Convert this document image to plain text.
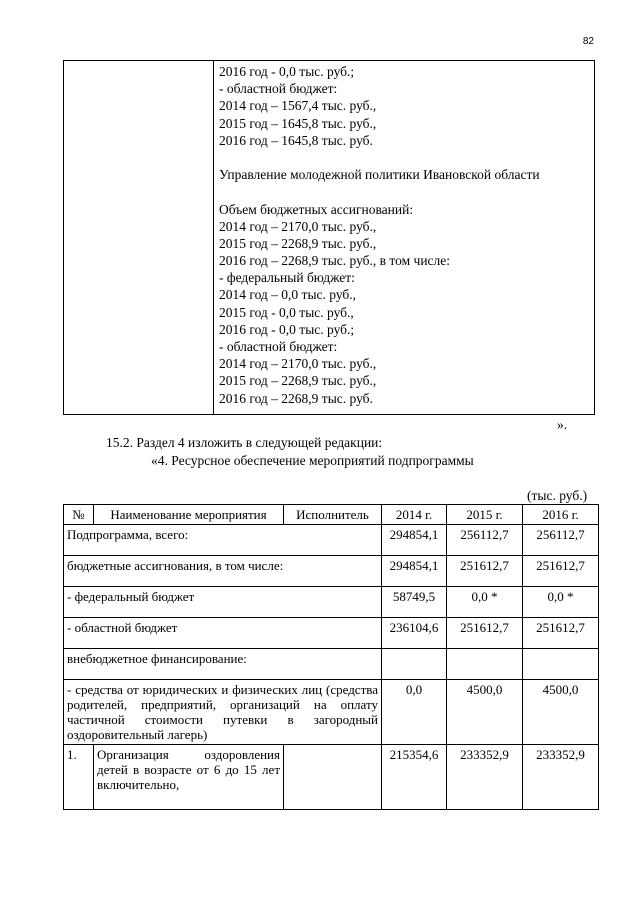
82
2016 год - 0,0 тыс. руб.;
- областной бюджет:
2014 год – 1567,4 тыс. руб.,
2015 год – 1645,8 тыс. руб.,
2016 год – 1645,8 тыс. руб.
Управление молодежной политики Ивановской области
Объем бюджетных ассигнований:
2014 год – 2170,0 тыс. руб.,
2015 год – 2268,9 тыс. руб.,
2016 год – 2268,9 тыс. руб., в том числе:
- федеральный бюджет:
2014 год – 0,0 тыс. руб.,
2015 год - 0,0 тыс. руб.,
2016 год - 0,0 тыс. руб.;
- областной бюджет:
2014 год – 2170,0 тыс. руб.,
2015 год – 2268,9 тыс. руб.,
2016 год – 2268,9 тыс. руб.
».
15.2. Раздел 4 изложить в следующей редакции:
«4. Ресурсное обеспечение мероприятий подпрограммы
(тыс. руб.)
№	Наименование мероприятия	Исполнитель	2014 г.	2015 г.	2016 г.
Подпрограмма, всего:			294854,1	256112,7	256112,7
бюджетные ассигнования, в том числе:			294854,1	251612,7	251612,7
- федеральный бюджет			58749,5	0,0 *	0,0 *
- областной бюджет			236104,6	251612,7	251612,7
внебюджетное финансирование:					
- средства от юридических и физических лиц (средства родителей, предприятий, организаций на оплату частичной стоимости путевки в загородный оздоровительный лагерь)			0,0	4500,0	4500,0
1.	Организация оздоровления детей в возрасте от 6 до 15 лет включительно,		215354,6	233352,9	233352,9
